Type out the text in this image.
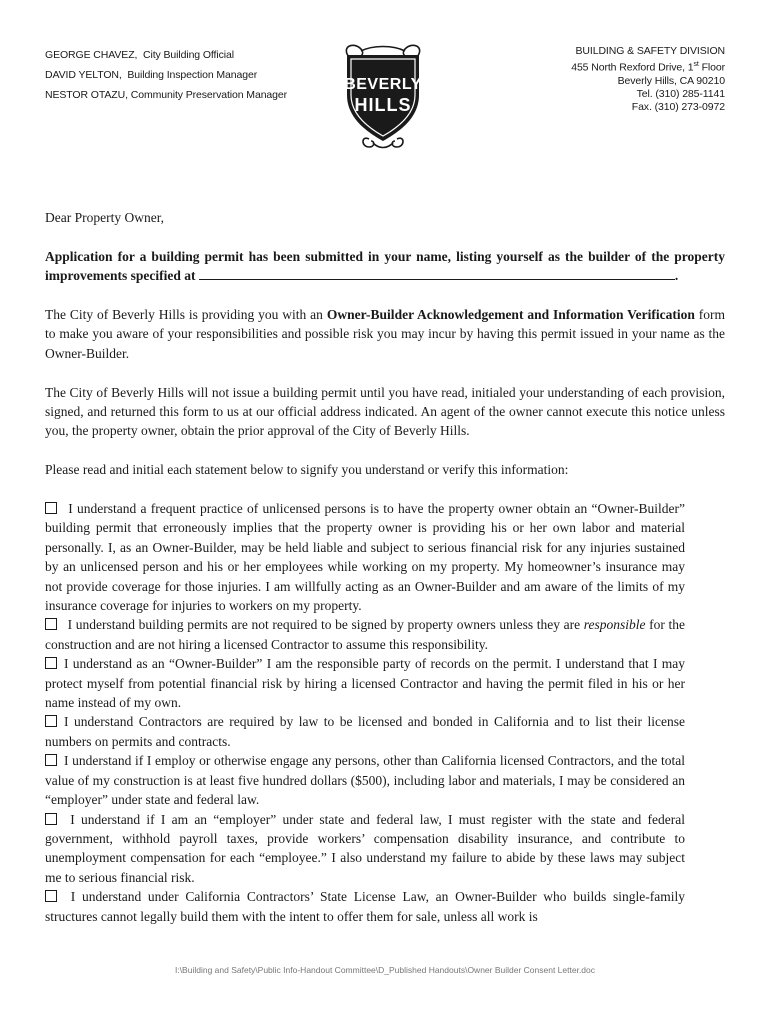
GEORGE CHAVEZ, City Building Official
DAVID YELTON, Building Inspection Manager
NESTOR OTAZU, Community Preservation Manager
BEVERLY
HILLS
BUILDING & SAFETY DIVISION
455 North Rexford Drive, 1st Floor
Beverly Hills, CA 90210
Tel. (310) 285-1141
Fax. (310) 273-0972

Dear Property Owner,

Application for a building permit has been submitted in your name, listing yourself as the builder of the property improvements specified at	.

The City of Beverly Hills is providing you with an Owner-Builder Acknowledgement and Information Verification form to make you aware of your responsibilities and possible risk you may incur by having this permit issued in your name as the Owner-Builder.

The City of Beverly Hills will not issue a building permit until you have read, initialed your understanding of each provision, signed, and returned this form to us at our official address indicated. An agent of the owner cannot execute this notice unless you, the property owner, obtain the prior approval of the City of Beverly Hills.

Please read and initial each statement below to signify you understand or verify this information:

I understand a frequent practice of unlicensed persons is to have the property owner obtain an “Owner-Builder” building permit that erroneously implies that the property owner is providing his or her own labor and material personally. I, as an Owner-Builder, may be held liable and subject to serious financial risk for any injuries sustained by an unlicensed person and his or her employees while working on my property. My homeowner’s insurance may not provide coverage for those injuries. I am willfully acting as an Owner-Builder and am aware of the limits of my insurance coverage for injuries to workers on my property.

I understand building permits are not required to be signed by property owners unless they are responsible for the construction and are not hiring a licensed Contractor to assume this responsibility.

I understand as an “Owner-Builder” I am the responsible party of records on the permit. I understand that I may protect myself from potential financial risk by hiring a licensed Contractor and having the permit filed in his or her name instead of my own.

I understand Contractors are required by law to be licensed and bonded in California and to list their license numbers on permits and contracts.

I understand if I employ or otherwise engage any persons, other than California licensed Contractors, and the total value of my construction is at least five hundred dollars ($500), including labor and materials, I may be considered an “employer” under state and federal law.

I understand if I am an “employer” under state and federal law, I must register with the state and federal government, withhold payroll taxes, provide workers’ compensation disability insurance, and contribute to unemployment compensation for each “employee.” I also understand my failure to abide by these laws may subject me to serious financial risk.

I understand under California Contractors’ State License Law, an Owner-Builder who builds single-family structures cannot legally build them with the intent to offer them for sale, unless all work is

I:\Building and Safety\Public Info-Handout Committee\D_Published Handouts\Owner Builder Consent Letter.doc
